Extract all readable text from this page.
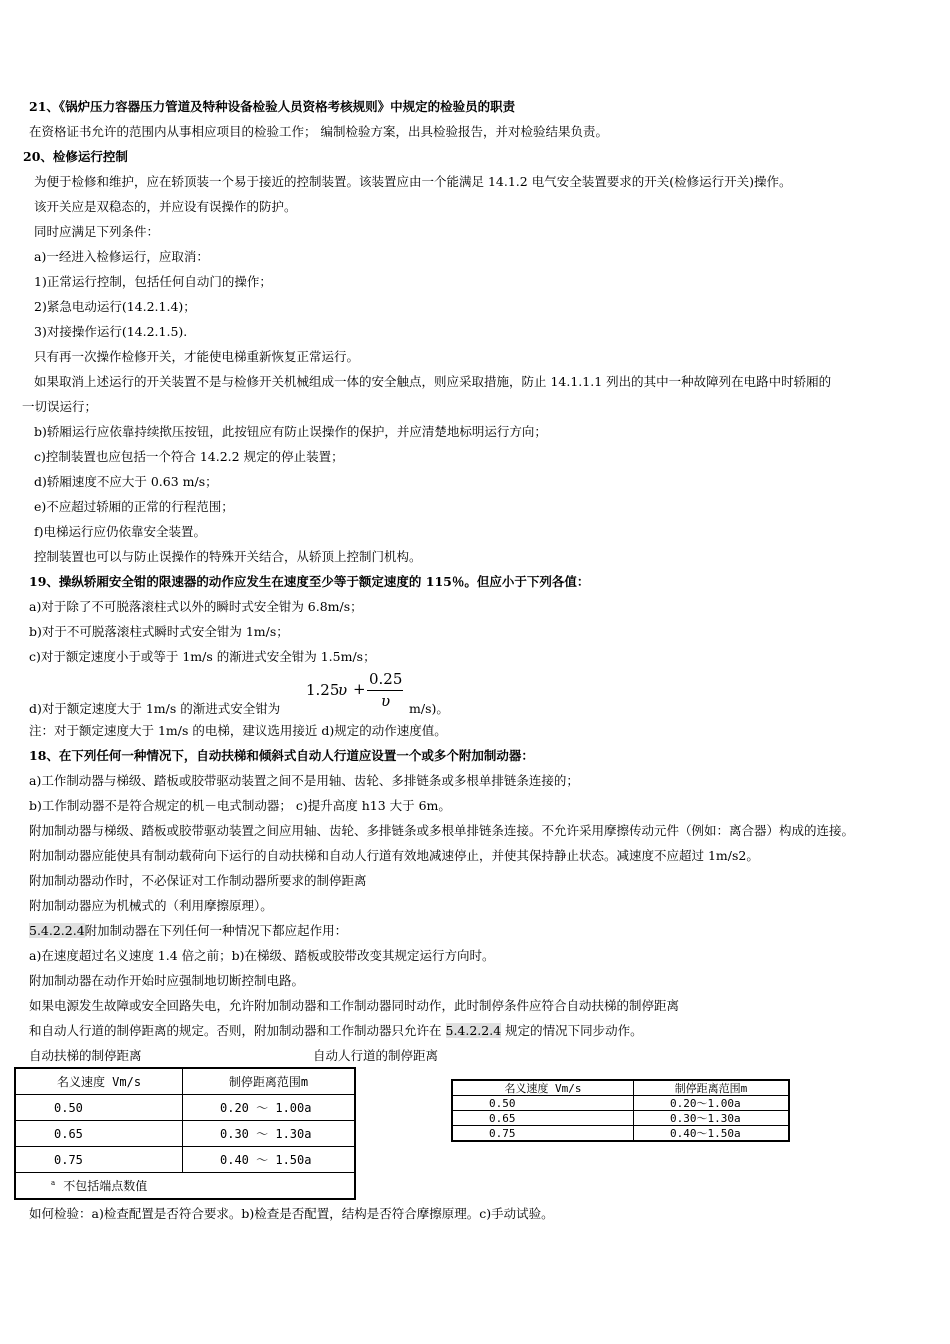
21、《锅炉压力容器压力管道及特种设备检验人员资格考核规则》中规定的检验员的职责
在资格证书允许的范围内从事相应项目的检验工作； 编制检验方案，出具检验报告，并对检验结果负责。
20、检修运行控制
为便于检修和维护，应在轿顶装一个易于接近的控制装置。该装置应由一个能满足 14.1.2 电气安全装置要求的开关(检修运行开关)操作。
该开关应是双稳态的，并应设有误操作的防护。
同时应满足下列条件：
a)一经进入检修运行，应取消：
1)正常运行控制，包括任何自动门的操作；
2)紧急电动运行(14.2.1.4)；
3)对接操作运行(14.2.1.5).
只有再一次操作检修开关，才能使电梯重新恢复正常运行。
如果取消上述运行的开关装置不是与检修开关机械组成一体的安全触点，则应采取措施，防止 14.1.1.1 列出的其中一种故障列在电路中时轿厢的
一切误运行；
b)轿厢运行应依靠持续揿压按钮，此按钮应有防止误操作的保护，并应清楚地标明运行方向；
c)控制装置也应包括一个符合 14.2.2 规定的停止装置；
d)轿厢速度不应大于 0.63 m/s；
e)不应超过轿厢的正常的行程范围；
f)电梯运行应仍依靠安全装置。
控制装置也可以与防止误操作的特殊开关结合，从轿顶上控制门机构。
19、操纵轿厢安全钳的限速器的动作应发生在速度至少等于额定速度的 115％。但应小于下列各值：
a)对于除了不可脱落滚柱式以外的瞬时式安全钳为 6.8m/s；
b)对于不可脱落滚柱式瞬时式安全钳为 1m/s；
c)对于额定速度小于或等于 1m/s 的渐进式安全钳为 1.5m/s；
d)对于额定速度大于 1m/s 的渐进式安全钳为
1.25
υ +
0.25
υ m/s)。
注：对于额定速度大于 1m/s 的电梯，建议选用接近 d)规定的动作速度值。
18、在下列任何一种情况下，自动扶梯和倾斜式自动人行道应设置一个或多个附加制动器：
a)工作制动器与梯级、踏板或胶带驱动装置之间不是用轴、齿轮、多排链条或多根单排链条连接的；
b)工作制动器不是符合规定的机－电式制动器； c)提升高度 h13 大于 6m。
附加制动器与梯级、踏板或胶带驱动装置之间应用轴、齿轮、多排链条或多根单排链条连接。不允许采用摩擦传动元件（例如：离合器）构成的连接。
附加制动器应能使具有制动载荷向下运行的自动扶梯和自动人行道有效地减速停止，并使其保持静止状态。减速度不应超过 1m/s2。
附加制动器动作时，不必保证对工作制动器所要求的制停距离
附加制动器应为机械式的（利用摩擦原理）。
5.4.2.2.4附加制动器在下列任何一种情况下都应起作用：
a)在速度超过名义速度 1.4 倍之前；b)在梯级、踏板或胶带改变其规定运行方向时。
附加制动器在动作开始时应强制地切断控制电路。
如果电源发生故障或安全回路失电，允许附加制动器和工作制动器同时动作，此时制停条件应符合自动扶梯的制停距离
和自动人行道的制停距离的规定。否则，附加制动器和工作制动器只允许在 5.4.2.2.4 规定的情况下同步动作。
自动扶梯的制停距离	自动人行道的制停距离
名义速度 Vm/s	制停距离范围m
0.50	0.20 ～ 1.00a
0.65	0.30 ～ 1.30a
0.75	0.40 ～ 1.50a
$^a$ 不包括端点数值	
名义速度 Vm/s	制停距离范围m
0.50	0.20～1.00a
0.65	0.30～1.30a
0.75	0.40～1.50a
如何检验：a)检查配置是否符合要求。b)检查是否配置，结构是否符合摩擦原理。c)手动试验。
